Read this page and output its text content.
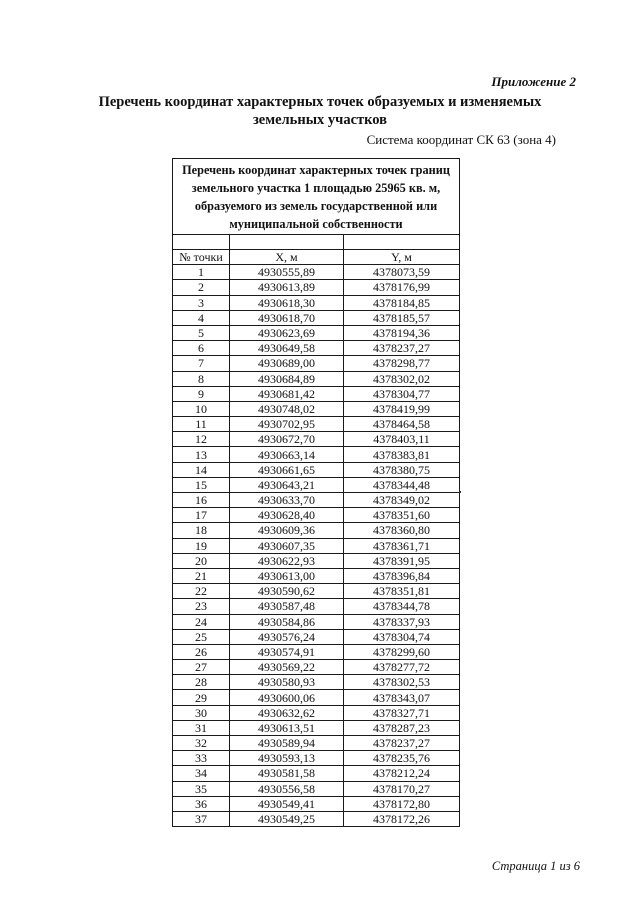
Приложение 2
Перечень координат характерных точек образуемых и изменяемых
земельных участков
Система координат СК 63 (зона 4)
Перечень координат характерных точек границ земельного участка 1 площадью 25965 кв. м, образуемого из земель государственной или муниципальной собственности		

№ точки	X, м	Y, м
1	4930555,89	4378073,59
2	4930613,89	4378176,99
3	4930618,30	4378184,85
4	4930618,70	4378185,57
5	4930623,69	4378194,36
6	4930649,58	4378237,27
7	4930689,00	4378298,77
8	4930684,89	4378302,02
9	4930681,42	4378304,77
10	4930748,02	4378419,99
11	4930702,95	4378464,58
12	4930672,70	4378403,11
13	4930663,14	4378383,81
14	4930661,65	4378380,75
15	4930643,21	4378344,48
16	4930633,70	4378349,02
17	4930628,40	4378351,60
18	4930609,36	4378360,80
19	4930607,35	4378361,71
20	4930622,93	4378391,95
21	4930613,00	4378396,84
22	4930590,62	4378351,81
23	4930587,48	4378344,78
24	4930584,86	4378337,93
25	4930576,24	4378304,74
26	4930574,91	4378299,60
27	4930569,22	4378277,72
28	4930580,93	4378302,53
29	4930600,06	4378343,07
30	4930632,62	4378327,71
31	4930613,51	4378287,23
32	4930589,94	4378237,27
33	4930593,13	4378235,76
34	4930581,58	4378212,24
35	4930556,58	4378170,27
36	4930549,41	4378172,80
37	4930549,25	4378172,26
Страница 1 из 6
